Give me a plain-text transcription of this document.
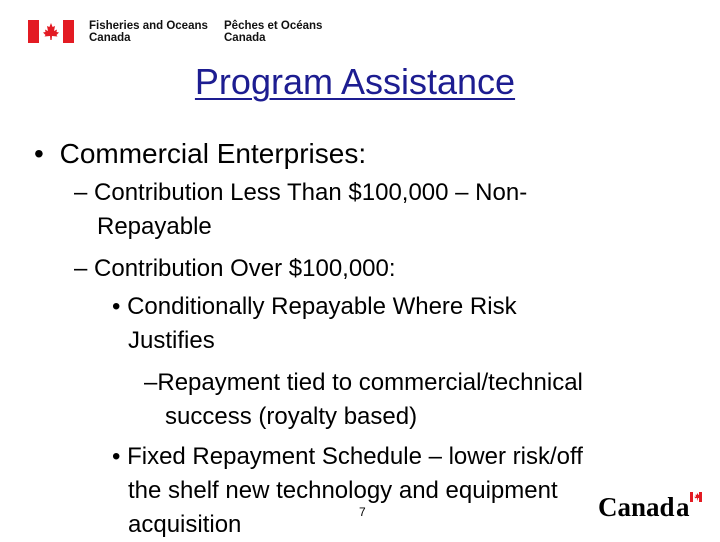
Fisheries and Oceans
Canada
Pêches et Océans
Canada
Program Assistance

• Commercial Enterprises:

– Contribution Less Than $100,000 – Non-

Repayable

– Contribution Over $100,000:

• Conditionally Repayable Where Risk

Justifies

–Repayment tied to commercial/technical

success (royalty based)

• Fixed Repayment Schedule – lower risk/off

the shelf new technology and equipment

acquisition	7	Canad a
